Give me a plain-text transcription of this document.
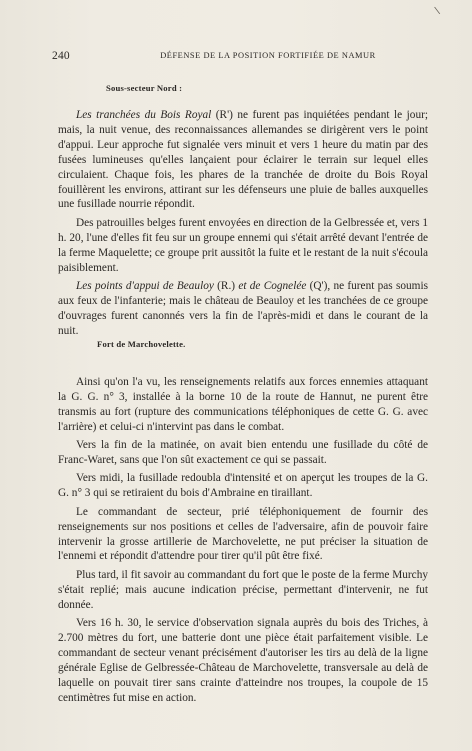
∖
240	DÉFENSE DE LA POSITION FORTIFIÉE DE NAMUR
Sous-secteur Nord :

Les tranchées du Bois Royal (R') ne furent pas inquiétées pendant le jour; mais, la nuit venue, des reconnaissances allemandes se dirigèrent vers le point d'appui. Leur approche fut signalée vers minuit et vers 1 heure du matin par des fusées lumineuses qu'elles lançaient pour éclairer le terrain sur lequel elles circulaient. Chaque fois, les phares de la tranchée de droite du Bois Royal fouillèrent les environs, attirant sur les défenseurs une pluie de balles auxquelles une fusillade nourrie répondit.

Des patrouilles belges furent envoyées en direction de la Gelbressée et, vers 1 h. 20, l'une d'elles fit feu sur un groupe ennemi qui s'était arrêté devant l'entrée de la ferme Maquelette; ce groupe prit aussitôt la fuite et le restant de la nuit s'écoula paisiblement.

Les points d'appui de Beauloy (R.) et de Cognelée (Q'), ne furent pas soumis aux feux de l'infanterie; mais le château de Beauloy et les tranchées de ce groupe d'ouvrages furent canonnés vers la fin de l'après-midi et dans le courant de la nuit.

Fort de Marchovelette.

Ainsi qu'on l'a vu, les renseignements relatifs aux forces ennemies attaquant la G. G. n° 3, installée à la borne 10 de la route de Hannut, ne purent être transmis au fort (rupture des communications téléphoniques de cette G. G. avec l'arrière) et celui-ci n'intervint pas dans le combat.

Vers la fin de la matinée, on avait bien entendu une fusillade du côté de Franc-Waret, sans que l'on sût exactement ce qui se passait.

Vers midi, la fusillade redoubla d'intensité et on aperçut les troupes de la G. G. n° 3 qui se retiraient du bois d'Ambraine en tiraillant.

Le commandant de secteur, prié téléphoniquement de fournir des renseignements sur nos positions et celles de l'adversaire, afin de pouvoir faire intervenir la grosse artillerie de Marchovelette, ne put préciser la situation de l'ennemi et répondit d'attendre pour tirer qu'il pût être fixé.

Plus tard, il fit savoir au commandant du fort que le poste de la ferme Murchy s'était replié; mais aucune indication précise, permettant d'intervenir, ne fut donnée.

Vers 16 h. 30, le service d'observation signala auprès du bois des Triches, à 2.700 mètres du fort, une batterie dont une pièce était parfaitement visible. Le commandant de secteur venant précisément d'autoriser les tirs au delà de la ligne générale Eglise de Gelbressée-Château de Marchovelette, transversale au delà de laquelle on pouvait tirer sans crainte d'atteindre nos troupes, la coupole de 15 centimètres fut mise en action.
